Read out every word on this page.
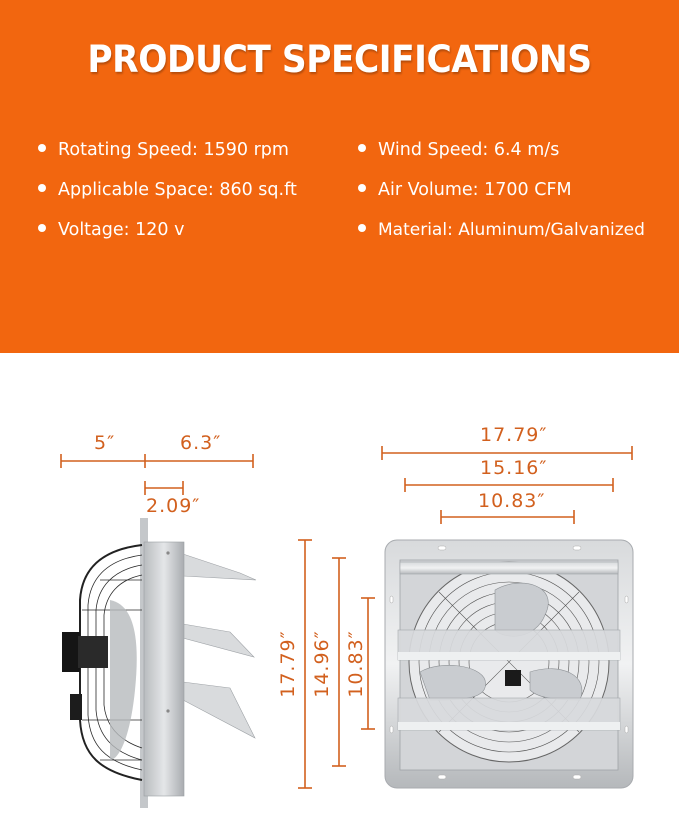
PRODUCT SPECIFICATIONS
Rotating Speed: 1590 rpm
Applicable Space: 860 sq.ft
Voltage: 120 v
Wind Speed: 6.4 m/s
Air Volume: 1700 CFM
Material: Aluminum/Galvanized
5″	6.3″
2.09″
17.79″
15.16″
10.83″
17.79″ 14.96″ 10.83″
